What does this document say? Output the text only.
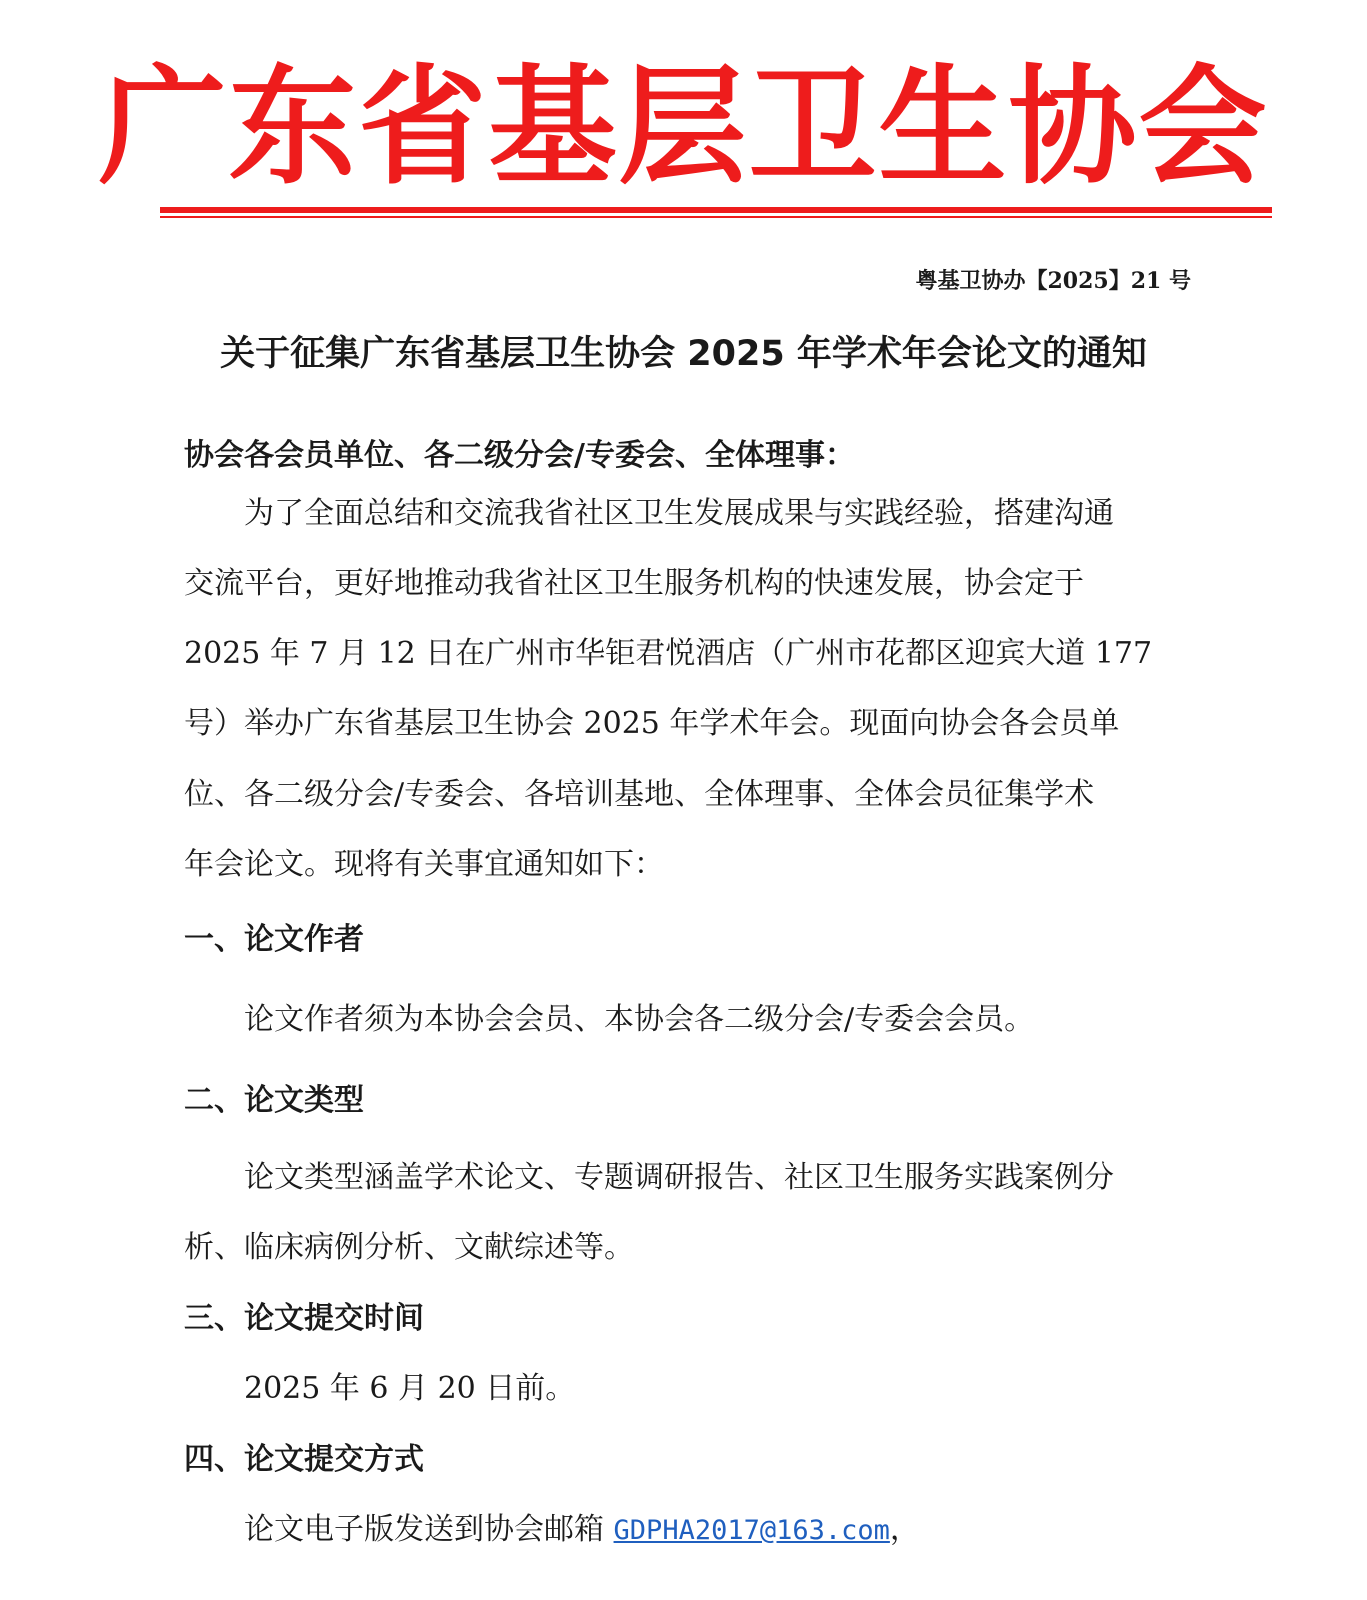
广东省基层卫生协会
粤基卫协办【2025】21 号
关于征集广东省基层卫生协会 2025 年学术年会论文的通知
协会各会员单位、各二级分会/专委会、全体理事：
为了全面总结和交流我省社区卫生发展成果与实践经验，搭建沟通
交流平台，更好地推动我省社区卫生服务机构的快速发展，协会定于
2025 年 7 月 12 日在广州市华钜君悦酒店（广州市花都区迎宾大道 177
号）举办广东省基层卫生协会 2025 年学术年会。现面向协会各会员单
位、各二级分会/专委会、各培训基地、全体理事、全体会员征集学术
年会论文。现将有关事宜通知如下：
一、论文作者
论文作者须为本协会会员、本协会各二级分会/专委会会员。
二、论文类型
论文类型涵盖学术论文、专题调研报告、社区卫生服务实践案例分
析、临床病例分析、文献综述等。
三、论文提交时间
2025 年 6 月 20 日前。
四、论文提交方式
论文电子版发送到协会邮箱 GDPHA2017@163.com，
